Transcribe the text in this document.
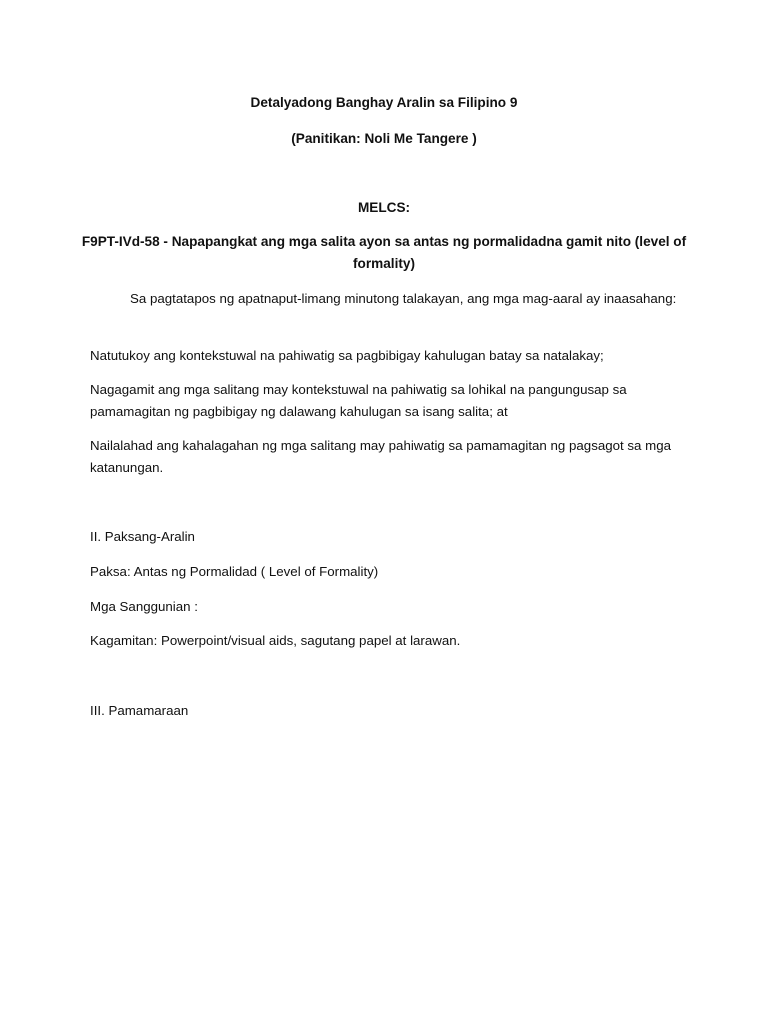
Detalyadong Banghay Aralin sa Filipino 9
(Panitikan: Noli Me Tangere )
MELCS:
F9PT-IVd-58 - Napapangkat ang mga salita ayon sa antas ng pormalidadna gamit nito (level of formality)
Sa pagtatapos ng apatnaput-limang minutong talakayan, ang mga mag-aaral ay inaasahang:
Natutukoy ang kontekstuwal na pahiwatig sa pagbibigay kahulugan batay sa natalakay;
Nagagamit ang mga salitang may kontekstuwal na pahiwatig sa lohikal na pangungusap sa pamamagitan ng pagbibigay ng dalawang kahulugan sa isang salita; at
Nailalahad ang kahalagahan ng mga salitang may pahiwatig sa pamamagitan ng pagsagot sa mga katanungan.
II. Paksang-Aralin
Paksa: Antas ng Pormalidad ( Level of Formality)
Mga Sanggunian :
Kagamitan: Powerpoint/visual aids, sagutang papel at larawan.
III. Pamamaraan
